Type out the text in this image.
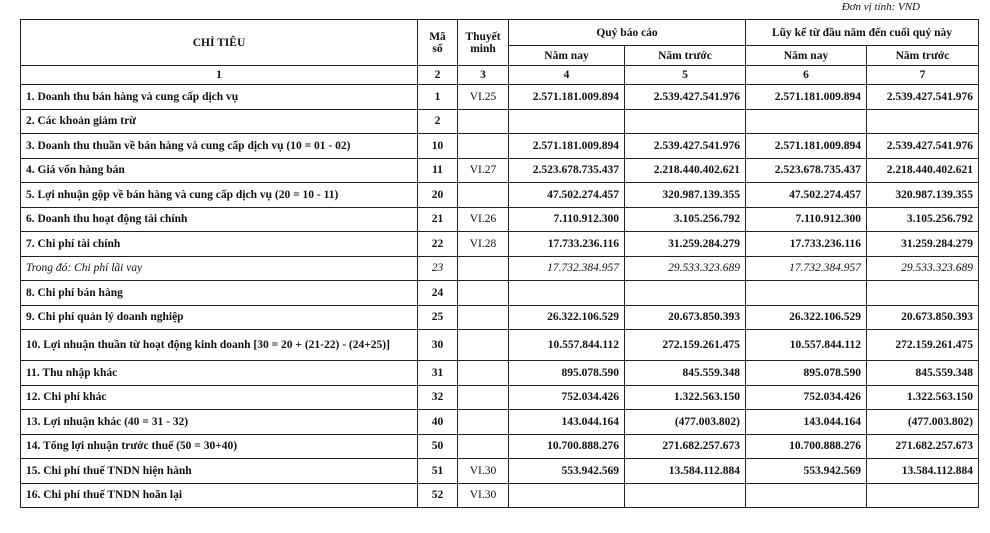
Đơn vị tính: VND
CHỈ TIÊU	Mã số	Thuyết minh	Quý báo cáo		Lũy kế từ đầu năm đến cuối quý này	
			Năm nay	Năm trước	Năm nay	Năm trước
1	2	3	4	5	6	7
1. Doanh thu bán hàng và cung cấp dịch vụ	1	VI.25	2.571.181.009.894	2.539.427.541.976	2.571.181.009.894	2.539.427.541.976
2. Các khoản giảm trừ	2					
3. Doanh thu thuần về bán hàng và cung cấp dịch vụ (10 = 01 - 02)	10		2.571.181.009.894	2.539.427.541.976	2.571.181.009.894	2.539.427.541.976
4. Giá vốn hàng bán	11	VI.27	2.523.678.735.437	2.218.440.402.621	2.523.678.735.437	2.218.440.402.621
5. Lợi nhuận gộp về bán hàng và cung cấp dịch vụ (20 = 10 - 11)	20		47.502.274.457	320.987.139.355	47.502.274.457	320.987.139.355
6. Doanh thu hoạt động tài chính	21	VI.26	7.110.912.300	3.105.256.792	7.110.912.300	3.105.256.792
7. Chi phí tài chính	22	VI.28	17.733.236.116	31.259.284.279	17.733.236.116	31.259.284.279
Trong đó: Chi phí lãi vay	23		17.732.384.957	29.533.323.689	17.732.384.957	29.533.323.689
8. Chi phí bán hàng	24					
9. Chi phí quản lý doanh nghiệp	25		26.322.106.529	20.673.850.393	26.322.106.529	20.673.850.393
10. Lợi nhuận thuần từ hoạt động kinh doanh [30 = 20 + (21-22) - (24+25)]	30		10.557.844.112	272.159.261.475	10.557.844.112	272.159.261.475
11. Thu nhập khác	31		895.078.590	845.559.348	895.078.590	845.559.348
12. Chi phí khác	32		752.034.426	1.322.563.150	752.034.426	1.322.563.150
13. Lợi nhuận khác (40 = 31 - 32)	40		143.044.164	(477.003.802)	143.044.164	(477.003.802)
14. Tổng lợi nhuận trước thuế (50 = 30+40)	50		10.700.888.276	271.682.257.673	10.700.888.276	271.682.257.673
15. Chi phí thuế TNDN hiện hành	51	VI.30	553.942.569	13.584.112.884	553.942.569	13.584.112.884
16. Chi phí thuế TNDN hoãn lại	52	VI.30				
